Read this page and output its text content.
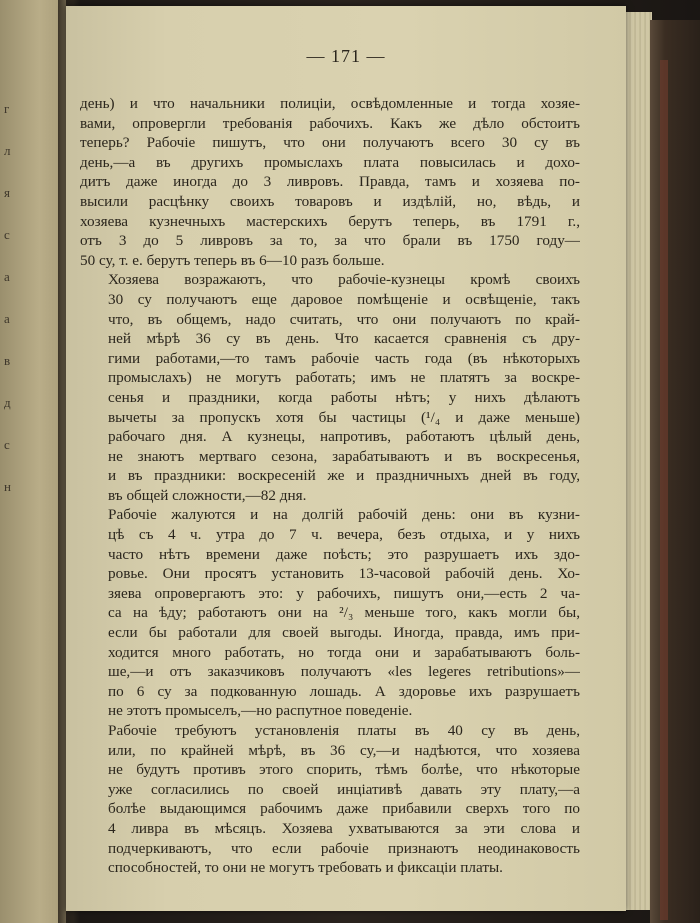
г
л
я
с
а
а
в
д
с
н
— 171 —

день) и что начальники полиціи, освѣдомленные и тогда хозяе-
вами, опровергли требованія рабочихъ. Какъ же дѣло обстоитъ
теперь? Рабочіе пишутъ, что они получаютъ всего 30 су въ
день,—а въ другихъ промыслахъ плата повысилась и дохо-
дитъ даже иногда до 3 ливровъ. Правда, тамъ и хозяева по-
высили расцѣнку своихъ товаровъ и издѣлій, но, вѣдь, и
хозяева кузнечныхъ мастерскихъ берутъ теперь, въ 1791 г.,
отъ 3 до 5 ливровъ за то, за что брали въ 1750 году—
50 су, т. е. берутъ теперь въ 6—10 разъ больше.

Хозяева возражаютъ, что рабочіе-кузнецы кромѣ своихъ
30 су получаютъ еще даровое помѣщеніе и освѣщеніе, такъ
что, въ общемъ, надо считать, что они получаютъ по край-
ней мѣрѣ 36 су въ день. Что касается сравненія съ дру-
гими работами,—то тамъ рабочіе часть года (въ нѣкоторыхъ
промыслахъ) не могутъ работать; имъ не платятъ за воскре-
сенья и праздники, когда работы нѣтъ; у нихъ дѣлаютъ
вычеты за пропускъ хотя бы частицы (¹/₄ и даже меньше)
рабочаго дня. А кузнецы, напротивъ, работаютъ цѣлый день,
не знаютъ мертваго сезона, зарабатываютъ и въ воскресенья,
и въ праздники: воскресеній же и праздничныхъ дней въ году,
въ общей сложности,—82 дня.

Рабочіе жалуются и на долгій рабочій день: они въ кузни-
цѣ съ 4 ч. утра до 7 ч. вечера, безъ отдыха, и у нихъ
часто нѣтъ времени даже поѣсть; это разрушаетъ ихъ здо-
ровье. Они просятъ установить 13-часовой рабочій день. Хо-
зяева опровергаютъ это: у рабочихъ, пишутъ они,—есть 2 ча-
са на ѣду; работаютъ они на ²/₃ меньше того, какъ могли бы,
если бы работали для своей выгоды. Иногда, правда, имъ при-
ходится много работать, но тогда они и зарабатываютъ боль-
ше,—и отъ заказчиковъ получаютъ «les legeres retributions»—
по 6 су за подкованную лошадь. А здоровье ихъ разрушаетъ
не этотъ промыселъ,—но распутное поведеніе.

Рабочіе требуютъ установленія платы въ 40 су въ день,
или, по крайней мѣрѣ, въ 36 су,—и надѣются, что хозяева
не будутъ противъ этого спорить, тѣмъ болѣе, что нѣкоторые
уже согласились по своей инціативѣ давать эту плату,—а
болѣе выдающимся рабочимъ даже прибавили сверхъ того по
4 ливра въ мѣсяцъ. Хозяева ухватываются за эти слова и
подчеркиваютъ, что если рабочіе признаютъ неодинаковость
способностей, то они не могутъ требовать и фиксаціи платы.
